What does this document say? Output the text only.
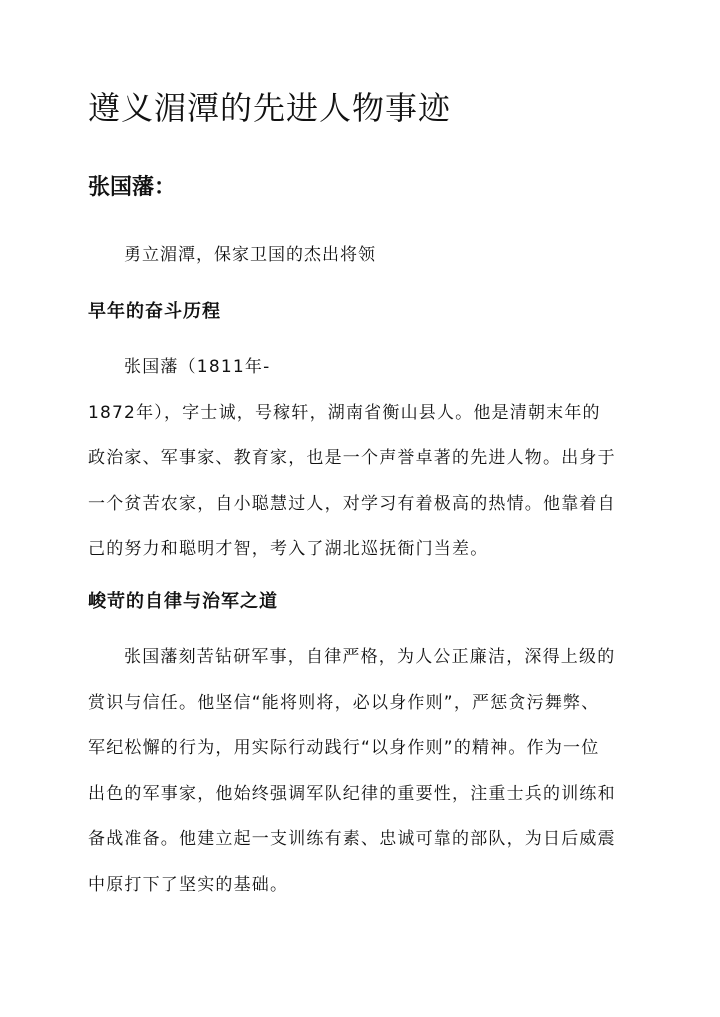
遵义湄潭的先进人物事迹
张国藩：
勇立湄潭，保家卫国的杰出将领
早年的奋斗历程
张国藩（1811年-
1872年），字士诚，号稼轩，湖南省衡山县人。他是清朝末年的
政治家、军事家、教育家，也是一个声誉卓著的先进人物。出身于
一个贫苦农家，自小聪慧过人，对学习有着极高的热情。他靠着自
己的努力和聪明才智，考入了湖北巡抚衙门当差。
峻苛的自律与治军之道
张国藩刻苦钻研军事，自律严格，为人公正廉洁，深得上级的
赏识与信任。他坚信“能将则将，必以身作则”，严惩贪污舞弊、
军纪松懈的行为，用实际行动践行“以身作则”的精神。作为一位
出色的军事家，他始终强调军队纪律的重要性，注重士兵的训练和
备战准备。他建立起一支训练有素、忠诚可靠的部队，为日后威震
中原打下了坚实的基础。
